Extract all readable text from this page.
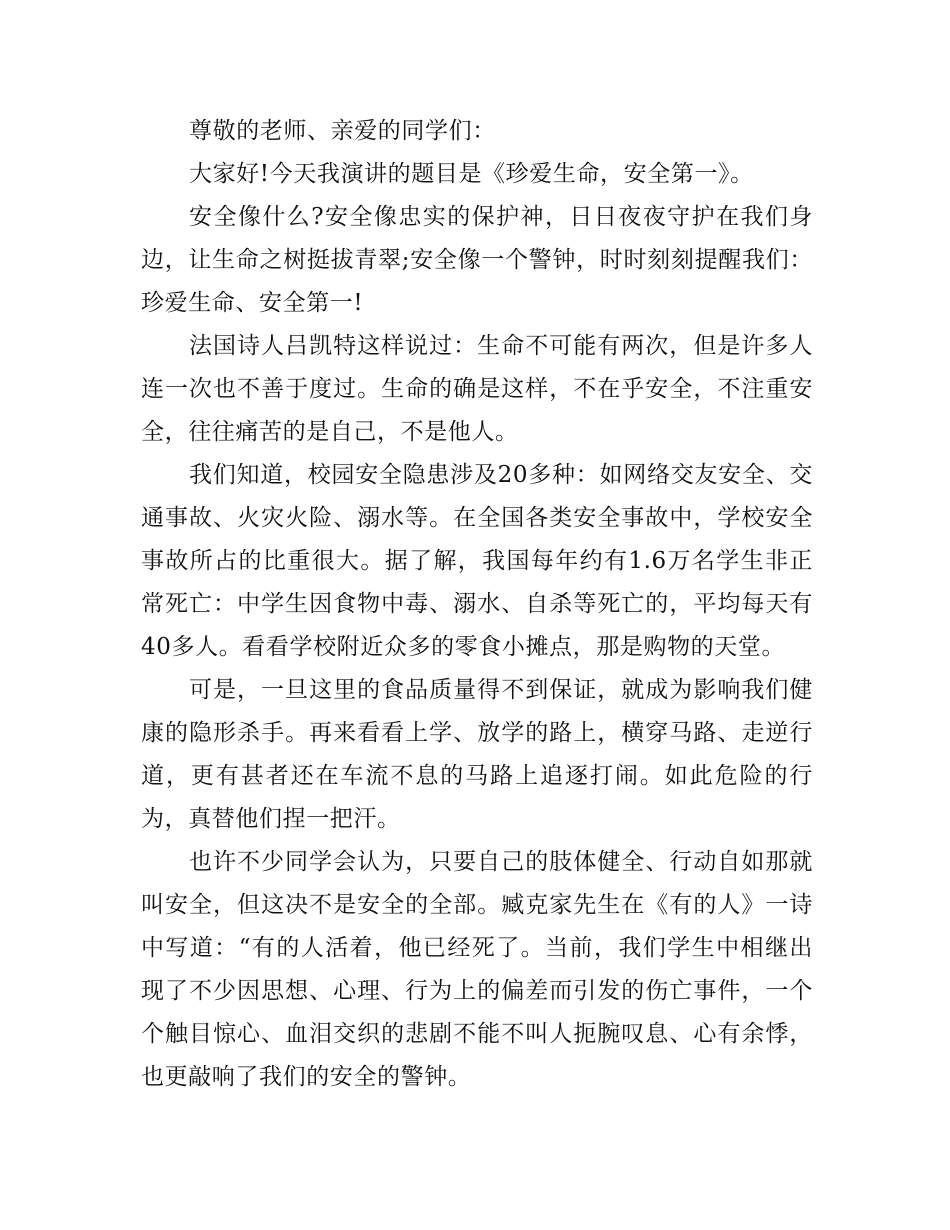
尊敬的老师、亲爱的同学们：

大家好!今天我演讲的题目是《珍爱生命，安全第一》。

安全像什么?安全像忠实的保护神，日日夜夜守护在我们身边，让生命之树挺拔青翠;安全像一个警钟，时时刻刻提醒我们：珍爱生命、安全第一!

法国诗人吕凯特这样说过：生命不可能有两次，但是许多人连一次也不善于度过。生命的确是这样，不在乎安全，不注重安全，往往痛苦的是自己，不是他人。

我们知道，校园安全隐患涉及20多种：如网络交友安全、交通事故、火灾火险、溺水等。在全国各类安全事故中，学校安全事故所占的比重很大。据了解，我国每年约有1.6万名学生非正常死亡：中学生因食物中毒、溺水、自杀等死亡的，平均每天有40多人。看看学校附近众多的零食小摊点，那是购物的天堂。

可是，一旦这里的食品质量得不到保证，就成为影响我们健康的隐形杀手。再来看看上学、放学的路上，横穿马路、走逆行道，更有甚者还在车流不息的马路上追逐打闹。如此危险的行为，真替他们捏一把汗。

也许不少同学会认为，只要自己的肢体健全、行动自如那就叫安全，但这决不是安全的全部。臧克家先生在《有的人》一诗中写道：“有的人活着，他已经死了。当前，我们学生中相继出现了不少因思想、心理、行为上的偏差而引发的伤亡事件，一个个触目惊心、血泪交织的悲剧不能不叫人扼腕叹息、心有余悸，也更敲响了我们的安全的警钟。
